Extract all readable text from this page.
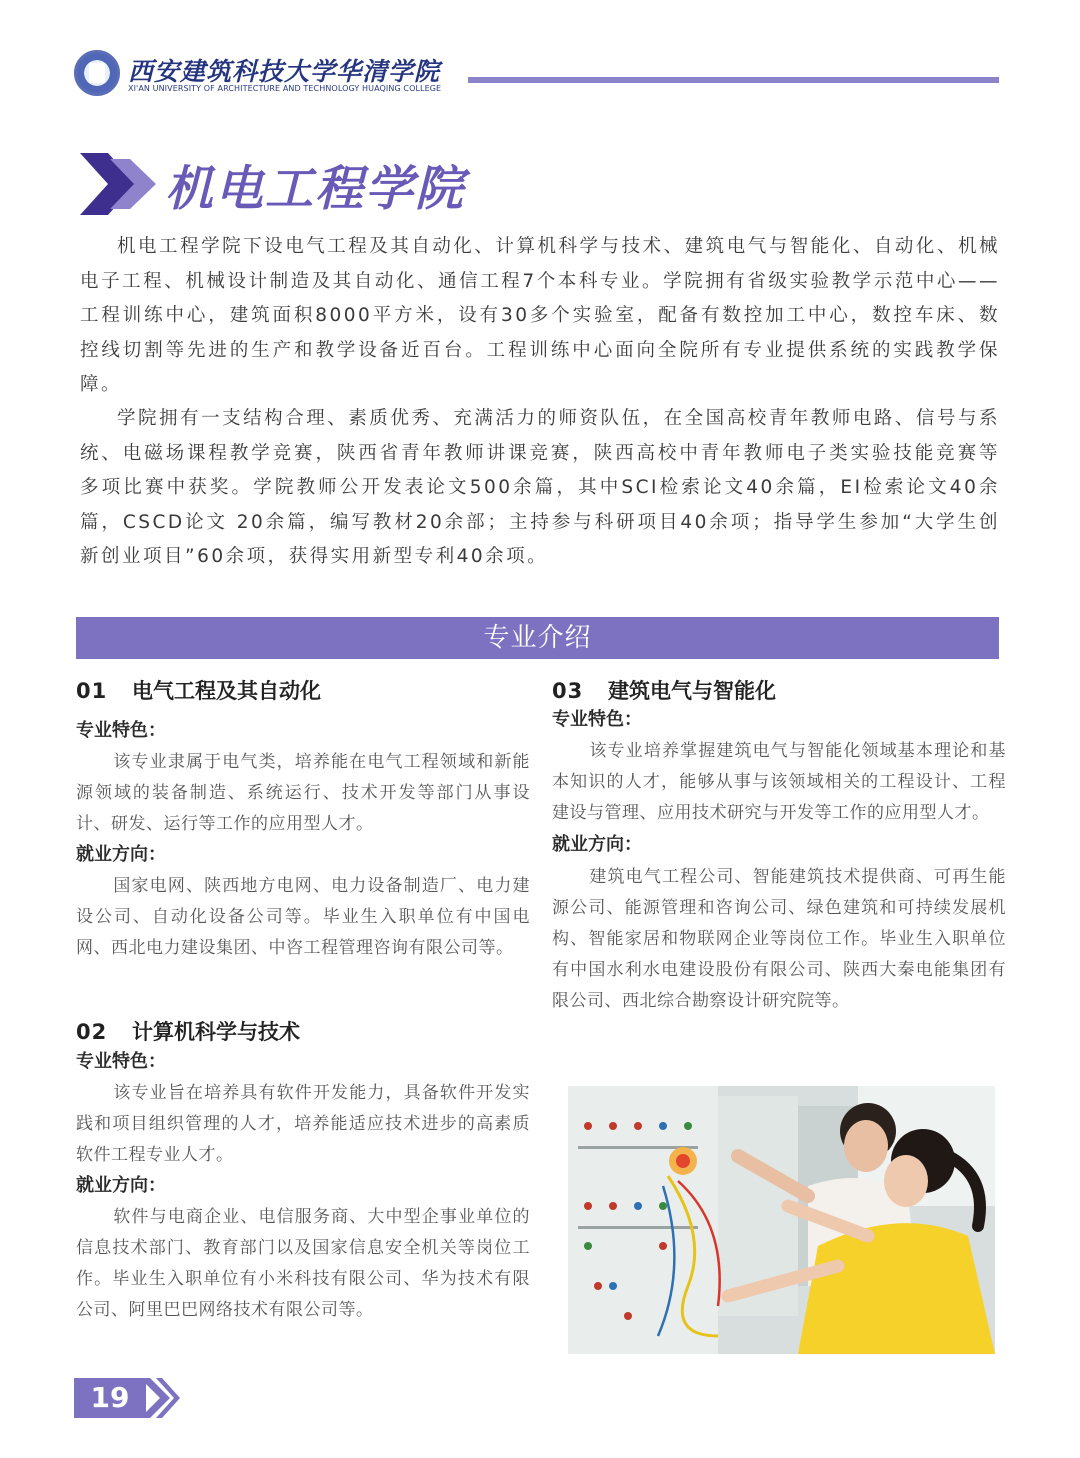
西安建筑科技大学华清学院
XI'AN UNIVERSITY OF ARCHITECTURE AND TECHNOLOGY HUAQING COLLEGE
机电工程学院
机电工程学院下设电气工程及其自动化、计算机科学与技术、建筑电气与智能化、自动化、机械电子工程、机械设计制造及其自动化、通信工程7个本科专业。学院拥有省级实验教学示范中心——工程训练中心，建筑面积8000平方米，设有30多个实验室，配备有数控加工中心，数控车床、数控线切割等先进的生产和教学设备近百台。工程训练中心面向全院所有专业提供系统的实践教学保障。
学院拥有一支结构合理、素质优秀、充满活力的师资队伍，在全国高校青年教师电路、信号与系统、电磁场课程教学竞赛，陕西省青年教师讲课竞赛，陕西高校中青年教师电子类实验技能竞赛等多项比赛中获奖。学院教师公开发表论文500余篇，其中SCI检索论文40余篇，EI检索论文40余篇，CSCD论文 20余篇，编写教材20余部；主持参与科研项目40余项；指导学生参加“大学生创新创业项目”60余项，获得实用新型专利40余项。
专业介绍
01 电气工程及其自动化
专业特色：
该专业隶属于电气类，培养能在电气工程领域和新能源领域的装备制造、系统运行、技术开发等部门从事设计、研发、运行等工作的应用型人才。
就业方向：
国家电网、陕西地方电网、电力设备制造厂、电力建设公司、自动化设备公司等。毕业生入职单位有中国电网、西北电力建设集团、中咨工程管理咨询有限公司等。
02 计算机科学与技术
专业特色：
该专业旨在培养具有软件开发能力，具备软件开发实践和项目组织管理的人才，培养能适应技术进步的高素质软件工程专业人才。
就业方向：
软件与电商企业、电信服务商、大中型企事业单位的信息技术部门、教育部门以及国家信息安全机关等岗位工作。毕业生入职单位有小米科技有限公司、华为技术有限公司、阿里巴巴网络技术有限公司等。
03 建筑电气与智能化
专业特色：
该专业培养掌握建筑电气与智能化领域基本理论和基本知识的人才，能够从事与该领域相关的工程设计、工程建设与管理、应用技术研究与开发等工作的应用型人才。
就业方向：
建筑电气工程公司、智能建筑技术提供商、可再生能源公司、能源管理和咨询公司、绿色建筑和可持续发展机构、智能家居和物联网企业等岗位工作。毕业生入职单位有中国水利水电建设股份有限公司、陕西大秦电能集团有限公司、西北综合勘察设计研究院等。
19
